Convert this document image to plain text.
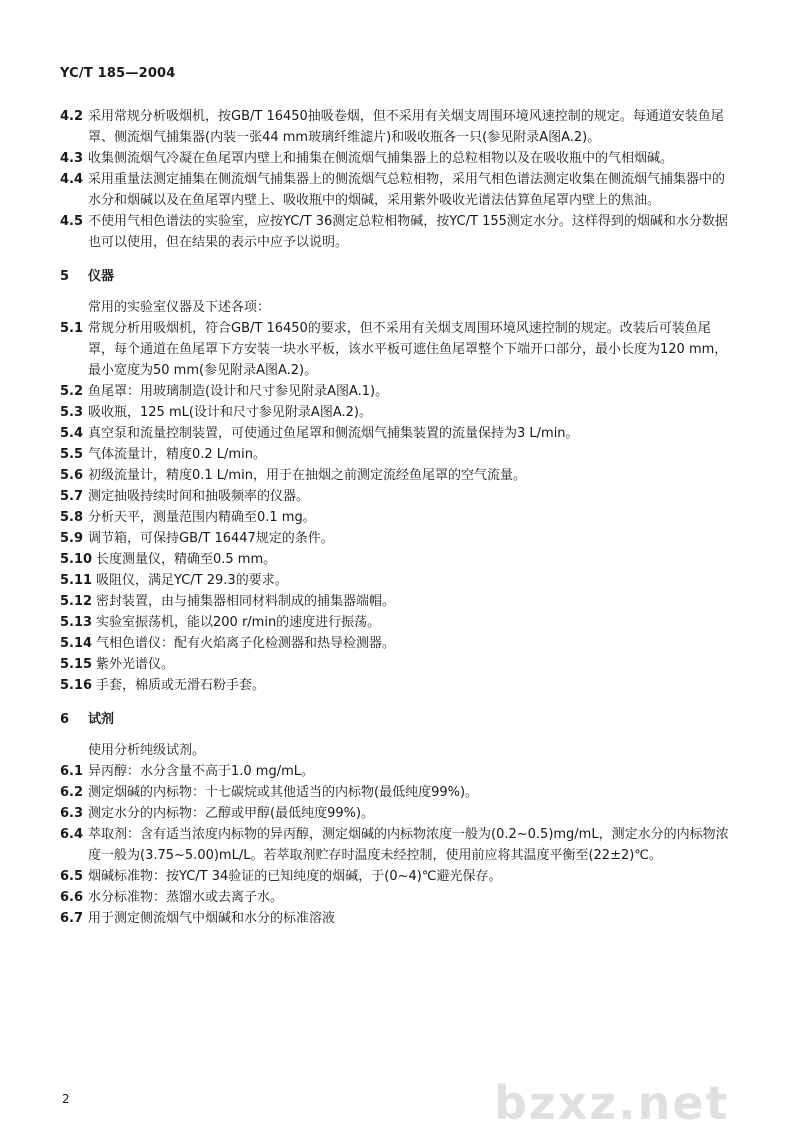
YC/T 185—2004
4.2 采用常规分析吸烟机，按GB/T 16450抽吸卷烟，但不采用有关烟支周围环境风速控制的规定。每通道安装鱼尾罩、侧流烟气捕集器(内装一张44 mm玻璃纤维滤片)和吸收瓶各一只(参见附录A图A.2)。
4.3 收集侧流烟气冷凝在鱼尾罩内壁上和捕集在侧流烟气捕集器上的总粒相物以及在吸收瓶中的气相烟碱。
4.4 采用重量法测定捕集在侧流烟气捕集器上的侧流烟气总粒相物，采用气相色谱法测定收集在侧流烟气捕集器中的水分和烟碱以及在鱼尾罩内壁上、吸收瓶中的烟碱，采用紫外吸收光谱法估算鱼尾罩内壁上的焦油。
4.5 不使用气相色谱法的实验室，应按YC/T 36测定总粒相物碱，按YC/T 155测定水分。这样得到的烟碱和水分数据也可以使用，但在结果的表示中应予以说明。
5 仪器
常用的实验室仪器及下述各项：
5.1 常规分析用吸烟机，符合GB/T 16450的要求，但不采用有关烟支周围环境风速控制的规定。改装后可装鱼尾罩，每个通道在鱼尾罩下方安装一块水平板，该水平板可遮住鱼尾罩整个下端开口部分，最小长度为120 mm，最小宽度为50 mm(参见附录A图A.2)。
5.2 鱼尾罩：用玻璃制造(设计和尺寸参见附录A图A.1)。
5.3 吸收瓶，125 mL(设计和尺寸参见附录A图A.2)。
5.4 真空泵和流量控制装置，可使通过鱼尾罩和侧流烟气捕集装置的流量保持为3 L/min。
5.5 气体流量计，精度0.2 L/min。
5.6 初级流量计，精度0.1 L/min，用于在抽烟之前测定流经鱼尾罩的空气流量。
5.7 测定抽吸持续时间和抽吸频率的仪器。
5.8 分析天平，测量范围内精确至0.1 mg。
5.9 调节箱，可保持GB/T 16447规定的条件。
5.10 长度测量仪，精确至0.5 mm。
5.11 吸阻仪，满足YC/T 29.3的要求。
5.12 密封装置，由与捕集器相同材料制成的捕集器端帽。
5.13 实验室振荡机，能以200 r/min的速度进行振荡。
5.14 气相色谱仪：配有火焰离子化检测器和热导检测器。
5.15 紫外光谱仪。
5.16 手套，棉质或无滑石粉手套。
6 试剂
使用分析纯级试剂。
6.1 异丙醇：水分含量不高于1.0 mg/mL。
6.2 测定烟碱的内标物：十七碳烷或其他适当的内标物(最低纯度99%)。
6.3 测定水分的内标物：乙醇或甲醇(最低纯度99%)。
6.4 萃取剂：含有适当浓度内标物的异丙醇，测定烟碱的内标物浓度一般为(0.2~0.5)mg/mL，测定水分的内标物浓度一般为(3.75~5.00)mL/L。若萃取剂贮存时温度未经控制，使用前应将其温度平衡至(22±2)℃。
6.5 烟碱标准物：按YC/T 34验证的已知纯度的烟碱，于(0~4)℃避光保存。
6.6 水分标准物：蒸馏水或去离子水。
6.7 用于测定侧流烟气中烟碱和水分的标准溶液
2	bzxz.net
